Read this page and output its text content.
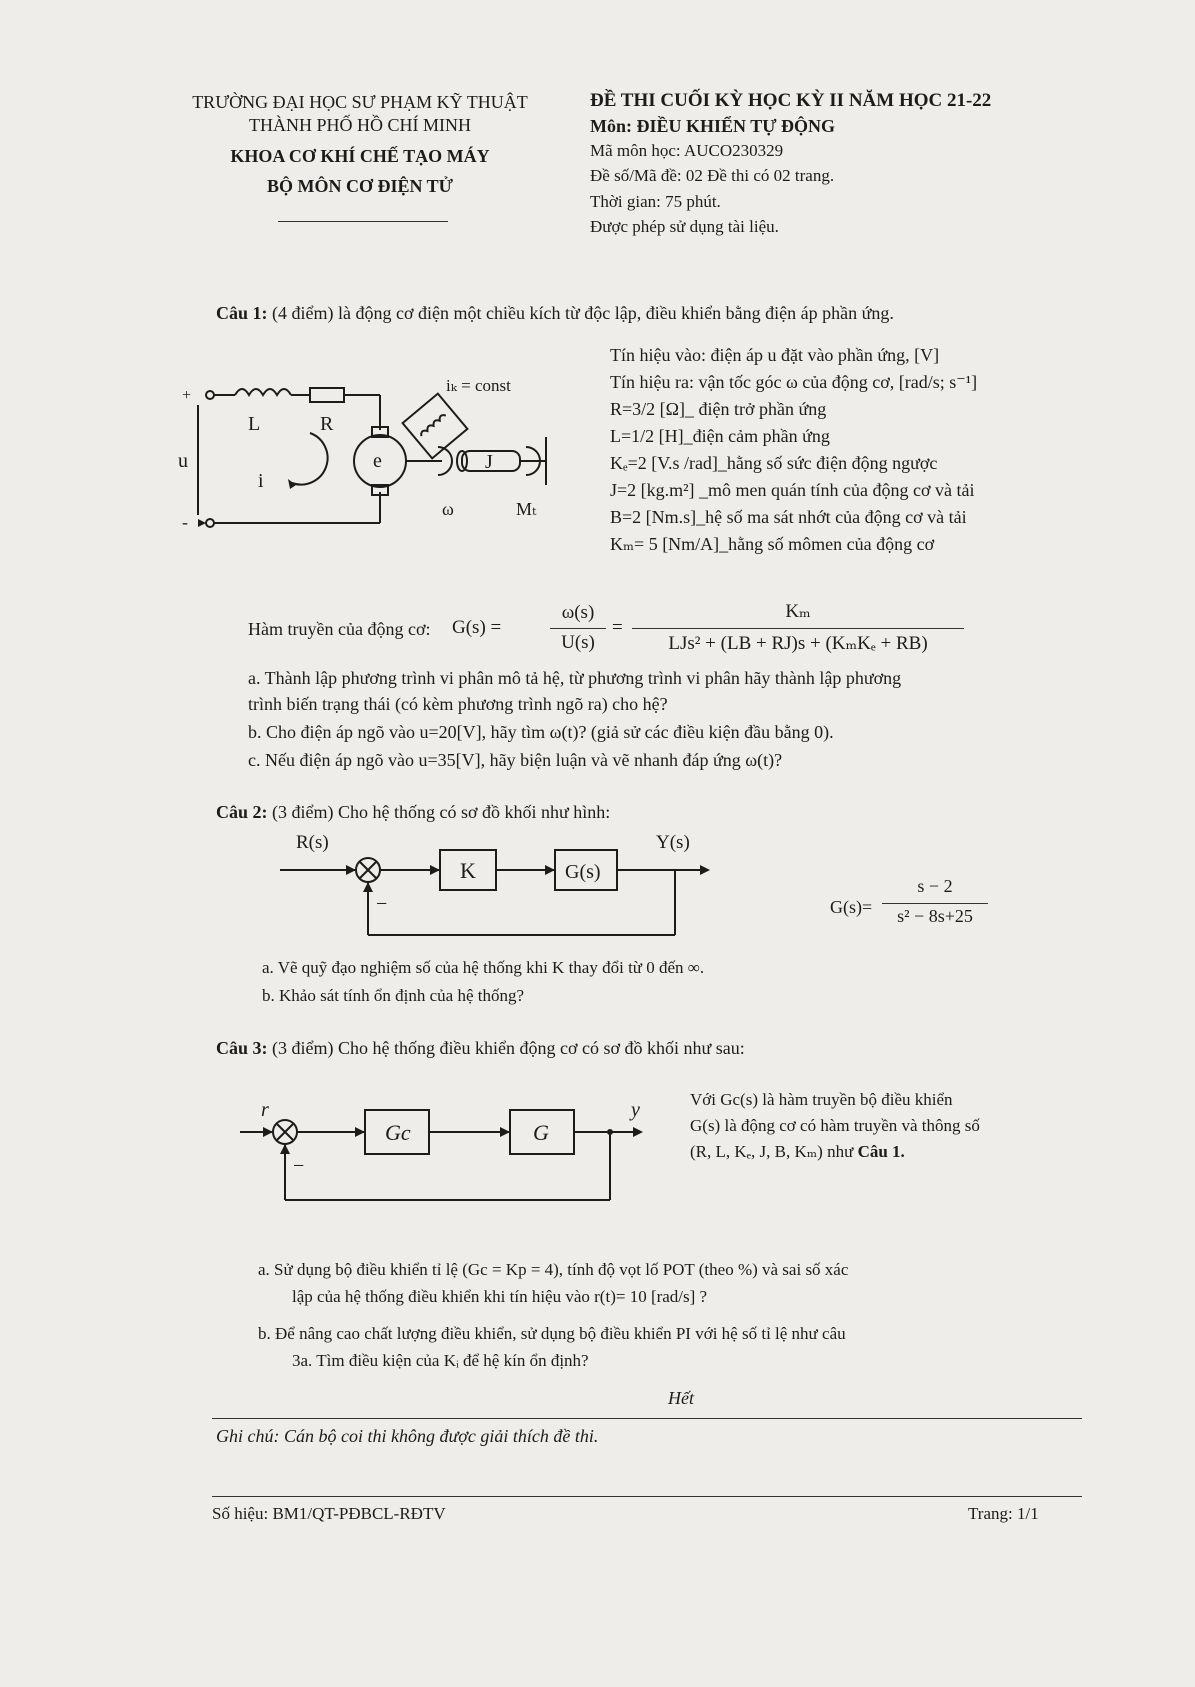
TRƯỜNG ĐẠI HỌC SƯ PHẠM KỸ THUẬT
THÀNH PHỐ HỒ CHÍ MINH
KHOA CƠ KHÍ CHẾ TẠO MÁY
BỘ MÔN CƠ ĐIỆN TỬ
ĐỀ THI CUỐI KỲ HỌC KỲ II NĂM HỌC 21-22
Môn: ĐIỀU KHIỂN TỰ ĐỘNG
Mã môn học: AUCO230329
Đề số/Mã đề: 02 Đề thi có 02 trang.
Thời gian: 75 phút.
Được phép sử dụng tài liệu.
Câu 1: (4 điểm) là động cơ điện một chiều kích từ độc lập, điều khiển bằng điện áp phần ứng.
+
-
L	R
u
i
e	J
ω	Mₜ
iₖ = const
Tín hiệu vào: điện áp u đặt vào phần ứng, [V]
Tín hiệu ra: vận tốc góc ω của động cơ, [rad/s; s⁻¹]
R=3/2 [Ω]_ điện trở phần ứng
L=1/2 [H]_điện cảm phần ứng
Kₑ=2 [V.s /rad]_hằng số sức điện động ngược
J=2 [kg.m²] _mô men quán tính của động cơ và tải
B=2 [Nm.s]_hệ số ma sát nhớt của động cơ và tải
Kₘ= 5 [Nm/A]_hằng số mômen của động cơ
Hàm truyền của động cơ: G(s) =
ω(s)
U(s)
=
Kₘ
LJs² + (LB + RJ)s + (KₘKₑ + RB)
a. Thành lập phương trình vi phân mô tả hệ, từ phương trình vi phân hãy thành lập phương
trình biến trạng thái (có kèm phương trình ngõ ra) cho hệ?
b. Cho điện áp ngõ vào u=20[V], hãy tìm ω(t)? (giả sử các điều kiện đầu bằng 0).
c. Nếu điện áp ngõ vào u=35[V], hãy biện luận và vẽ nhanh đáp ứng ω(t)?
Câu 2: (3 điểm) Cho hệ thống có sơ đồ khối như hình:
R(s)	Y(s)
K	G(s)
−	G(s)=
s − 2
s² − 8s+25
a. Vẽ quỹ đạo nghiệm số của hệ thống khi K thay đổi từ 0 đến ∞.
b. Khảo sát tính ổn định của hệ thống?
Câu 3: (3 điểm) Cho hệ thống điều khiển động cơ có sơ đồ khối như sau:
r	y
Gc	G
−
Với Gc(s) là hàm truyền bộ điều khiển
G(s) là động cơ có hàm truyền và thông số
(R, L, Kₑ, J, B, Kₘ) như Câu 1.
a. Sử dụng bộ điều khiển tỉ lệ (Gc = Kp = 4), tính độ vọt lố POT (theo %) và sai số xác
lập của hệ thống điều khiển khi tín hiệu vào r(t)= 10 [rad/s] ?
b. Để nâng cao chất lượng điều khiển, sử dụng bộ điều khiển PI với hệ số tỉ lệ như câu
3a. Tìm điều kiện của Kᵢ để hệ kín ổn định?
Hết
Ghi chú: Cán bộ coi thi không được giải thích đề thi.
Số hiệu: BM1/QT-PĐBCL-RĐTV	Trang: 1/1
